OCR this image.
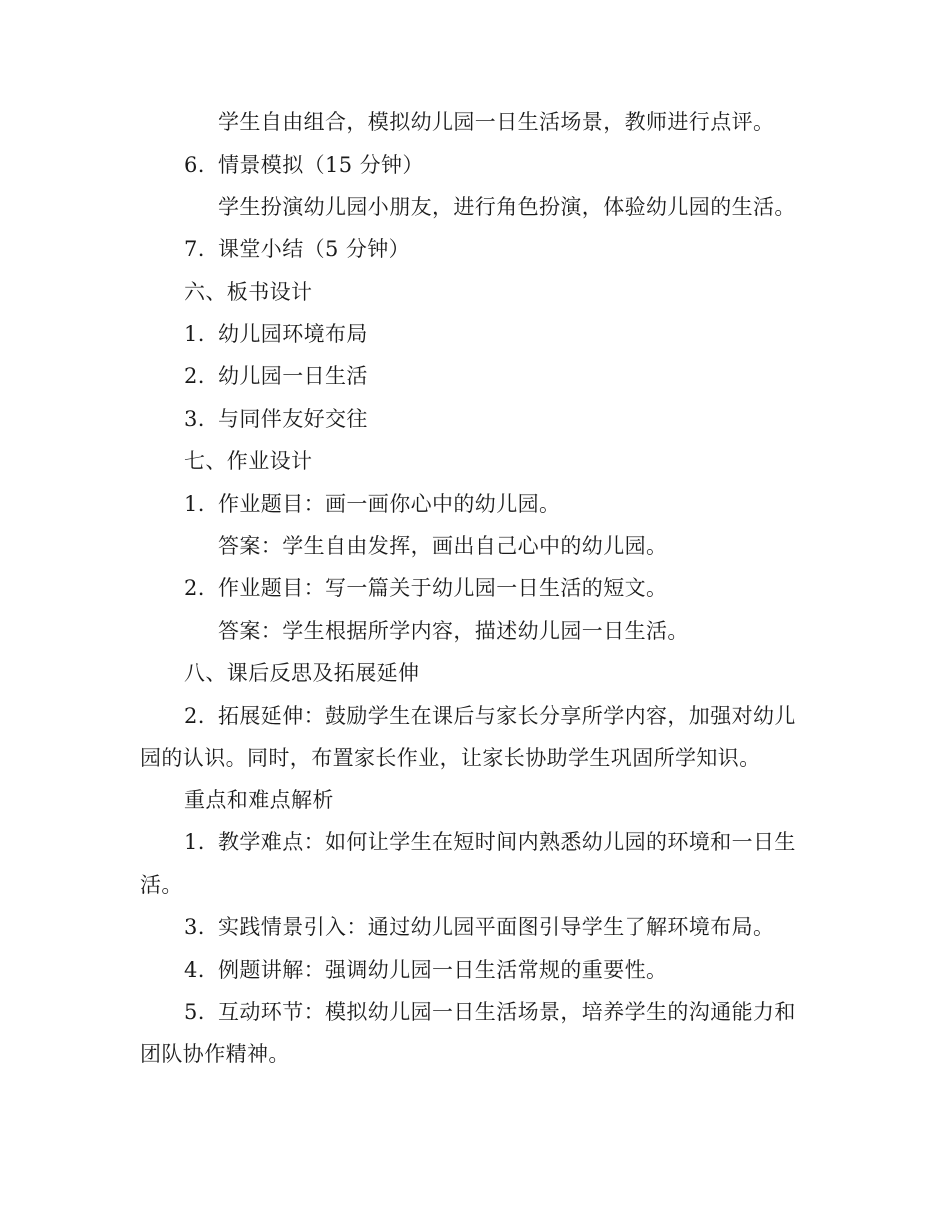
学生自由组合，模拟幼儿园一日生活场景，教师进行点评。
6. 情景模拟（15 分钟）
学生扮演幼儿园小朋友，进行角色扮演，体验幼儿园的生活。
7. 课堂小结（5 分钟）
六、板书设计
1. 幼儿园环境布局
2. 幼儿园一日生活
3. 与同伴友好交往
七、作业设计
1. 作业题目：画一画你心中的幼儿园。
答案：学生自由发挥，画出自己心中的幼儿园。
2. 作业题目：写一篇关于幼儿园一日生活的短文。
答案：学生根据所学内容，描述幼儿园一日生活。
八、课后反思及拓展延伸
2. 拓展延伸：鼓励学生在课后与家长分享所学内容，加强对幼儿
园的认识。同时，布置家长作业，让家长协助学生巩固所学知识。
重点和难点解析
1. 教学难点：如何让学生在短时间内熟悉幼儿园的环境和一日生
活。
3. 实践情景引入：通过幼儿园平面图引导学生了解环境布局。
4. 例题讲解：强调幼儿园一日生活常规的重要性。
5. 互动环节：模拟幼儿园一日生活场景，培养学生的沟通能力和
团队协作精神。
